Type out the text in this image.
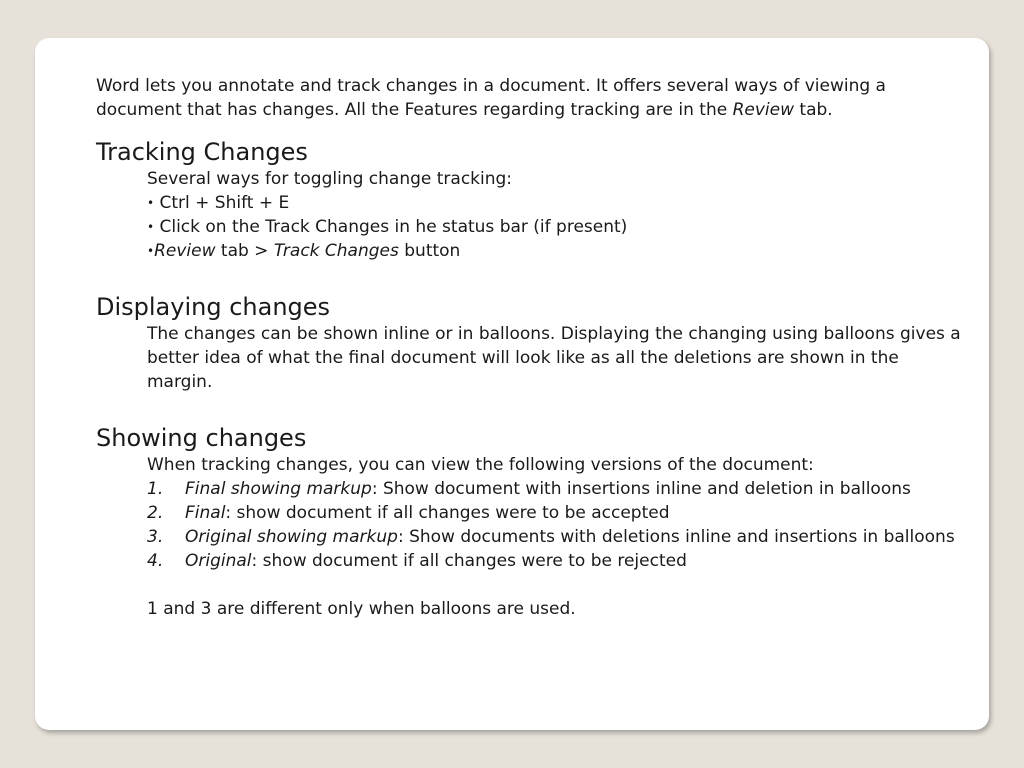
Word lets you annotate and track changes in a document. It offers several ways of viewing a document that has changes. All the Features regarding tracking are in the Review tab.

Tracking Changes

Several ways for toggling change tracking:

• Ctrl + Shift + E
• Click on the Track Changes in he status bar (if present)
•Review tab > Track Changes button
Displaying changes

The changes can be shown inline or in balloons. Displaying the changing using balloons gives a better idea of what the final document will look like as all the deletions are shown in the margin.

Showing changes

When tracking changes, you can view the following versions of the document:

1. Final showing markup: Show document with insertions inline and deletion in balloons
2. Final: show document if all changes were to be accepted
3. Original showing markup: Show documents with deletions inline and insertions in balloons
4. Original: show document if all changes were to be rejected

1 and 3 are different only when balloons are used.
